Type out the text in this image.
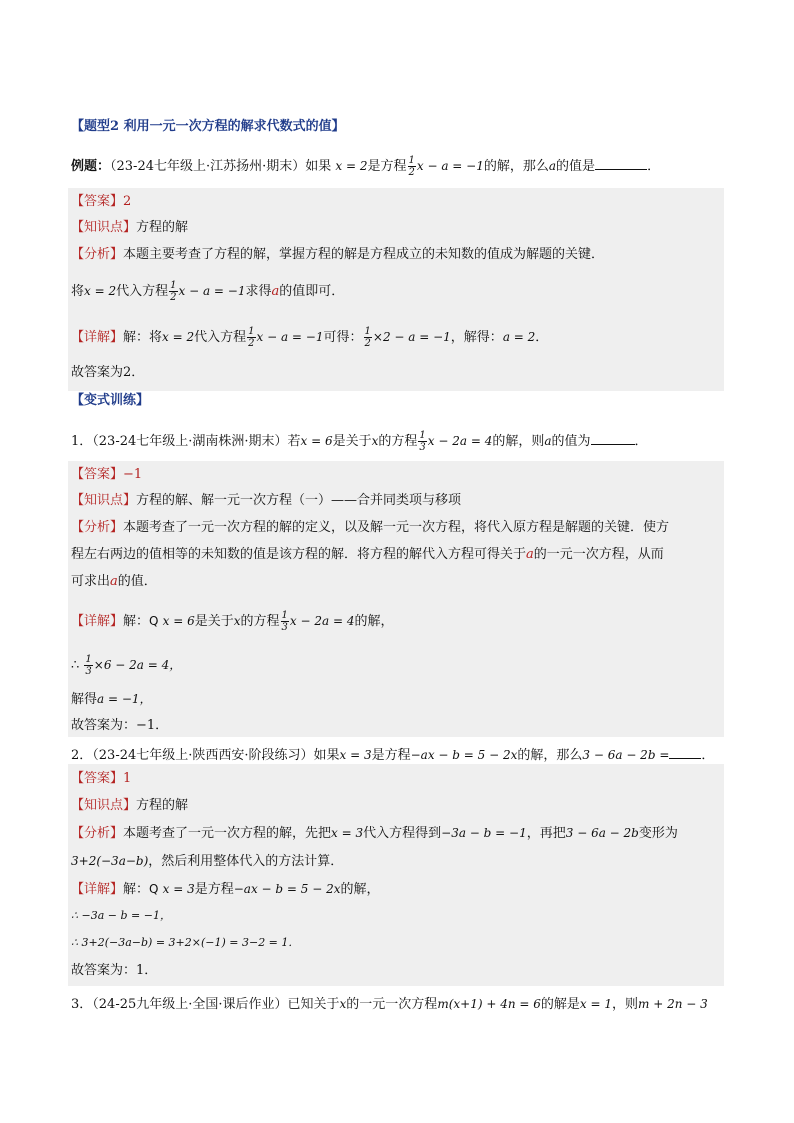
【题型2 利用一元一次方程的解求代数式的值】
例题：（23-24七年级上·江苏扬州·期末）如果 x = 2是方程 $\frac{1}{2}$ x − a = −1的解，那么a的值是	．
【答案】2
【知识点】方程的解
【分析】本题主要考查了方程的解，掌握方程的解是方程成立的未知数的值成为解题的关键．
将x = 2代入方程 $\frac{1}{2}$ x − a = −1求得a的值即可．
【详解】解：将x = 2代入方程 $\frac{1}{2}$ x − a = −1可得： $\frac{1}{2} \times 2 - a = -1$，解得：a = 2．
故答案为2．
【变式训练】
1．（23-24七年级上·湖南株洲·期末）若x = 6是关于x的方程 $\frac{1}{3}$ x − 2a = 4的解，则a的值为	．
【答案】−1
【知识点】方程的解、解一元一次方程（一）——合并同类项与移项
【分析】本题考查了一元一次方程的解的定义，以及解一元一次方程，将代入原方程是解题的关键．使方
程左右两边的值相等的未知数的值是该方程的解．将方程的解代入方程可得关于a的一元一次方程，从而
可求出a的值．
【详解】解：Q x = 6是关于x的方程 $\frac{1}{3}$ x − 2a = 4的解，
∴ $\frac{1}{3} \times 6 - 2a = 4$，
解得a = −1，
故答案为：−1．
2．（23-24七年级上·陕西西安·阶段练习）如果x = 3是方程−ax − b = 5 − 2x的解，那么3 − 6a − 2b = ．
【答案】1
【知识点】方程的解
【分析】本题考查了一元一次方程的解，先把x = 3代入方程得到−3a − b = −1，再把3 − 6a − 2b变形为
3+2(−3a−b)，然后利用整体代入的方法计算．
【详解】解：Q x = 3是方程−ax − b = 5 − 2x的解，
∴ −3a − b = −1，
∴ 3+2(−3a−b) = 3+2×(−1) = 3−2 = 1．
故答案为：1．
3．（24-25九年级上·全国·课后作业）已知关于x的一元一次方程m(x+1) + 4n = 6的解是x = 1，则m + 2n − 3
